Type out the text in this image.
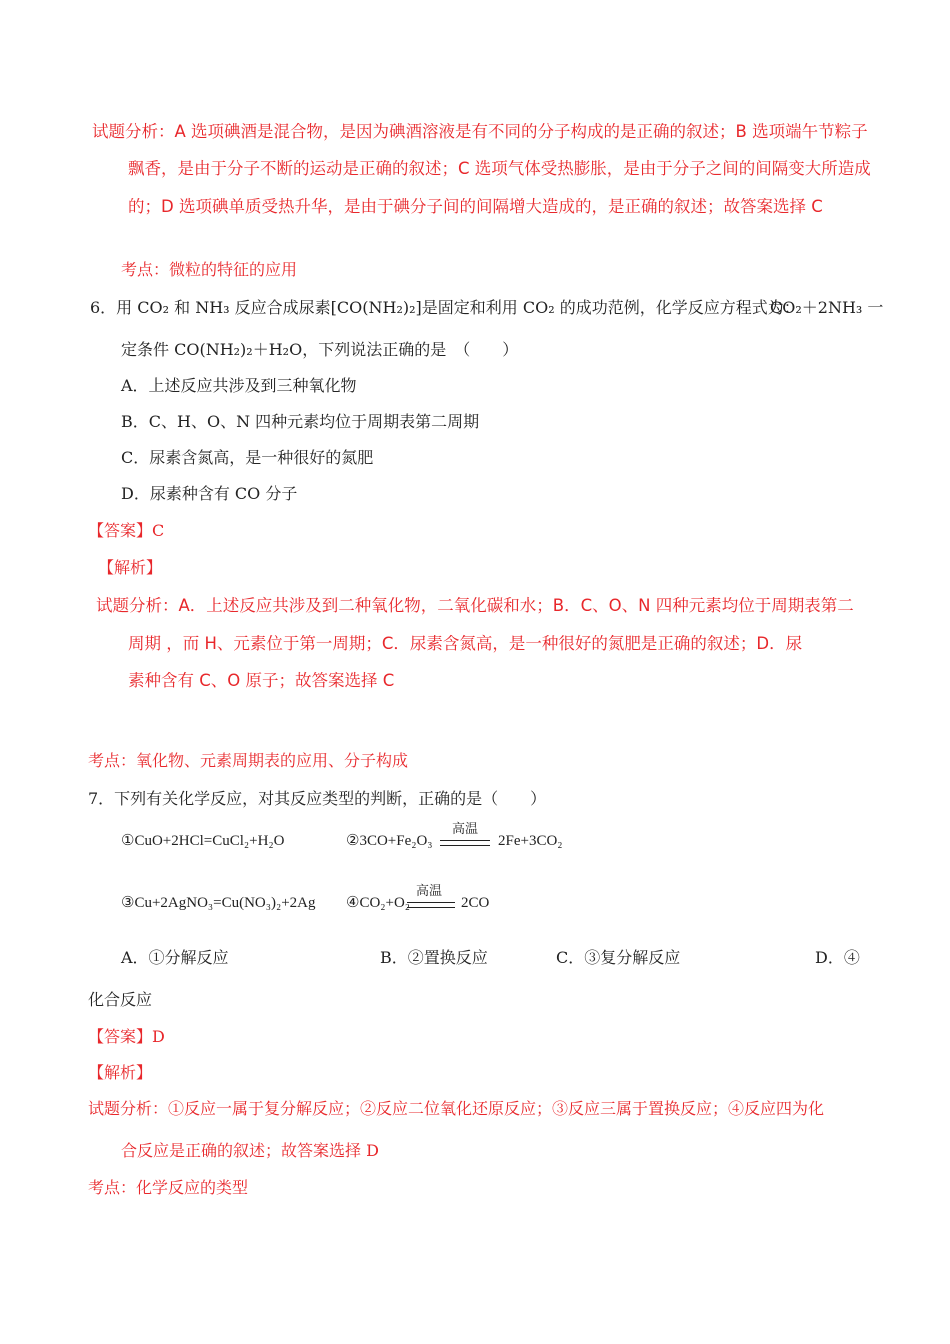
试题分析：A 选项碘酒是混合物，是因为碘酒溶液是有不同的分子构成的是正确的叙述；B 选项端午节粽子
飘香，是由于分子不断的运动是正确的叙述；C 选项气体受热膨胀，是由于分子之间的间隔变大所造成
的；D 选项碘单质受热升华，是由于碘分子间的间隔增大造成的，是正确的叙述；故答案选择 C
考点：微粒的特征的应用
6．用 CO₂ 和 NH₃ 反应合成尿素[CO(NH₂)₂]是固定和利用 CO₂ 的成功范例，化学反应方程式为：
CO₂＋2NH₃ 一
定条件 CO(NH₂)₂＋H₂O，下列说法正确的是　（　　）
A．上述反应共涉及到三种氧化物
B．C、H、O、N 四种元素均位于周期表第二周期
C．尿素含氮高，是一种很好的氮肥
D．尿素种含有 CO 分子
【答案】C
【解析】
试题分析：A．上述反应共涉及到二种氧化物，二氧化碳和水；B．C、O、N 四种元素均位于周期表第二
周期 ，而 H、元素位于第一周期；C．尿素含氮高，是一种很好的氮肥是正确的叙述；D．尿
素种含有 C、O 原子；故答案选择 C
考点：氧化物、元素周期表的应用、分子构成
7．下列有关化学反应，对其反应类型的判断，正确的是（　　）
①CuO+2HCl=CuCl₂+H₂O	②3CO+Fe₂O₃
高温
2Fe+3CO₂
③Cu+2AgNO₃=Cu(NO₃)₂+2Ag ④CO₂+O₂
高温
2CO
A．①分解反应	B．②置换反应	C．③复分解反应	D．④
化合反应
【答案】D
【解析】
试题分析：①反应一属于复分解反应；②反应二位氧化还原反应；③反应三属于置换反应；④反应四为化
合反应是正确的叙述；故答案选择 D
考点：化学反应的类型
